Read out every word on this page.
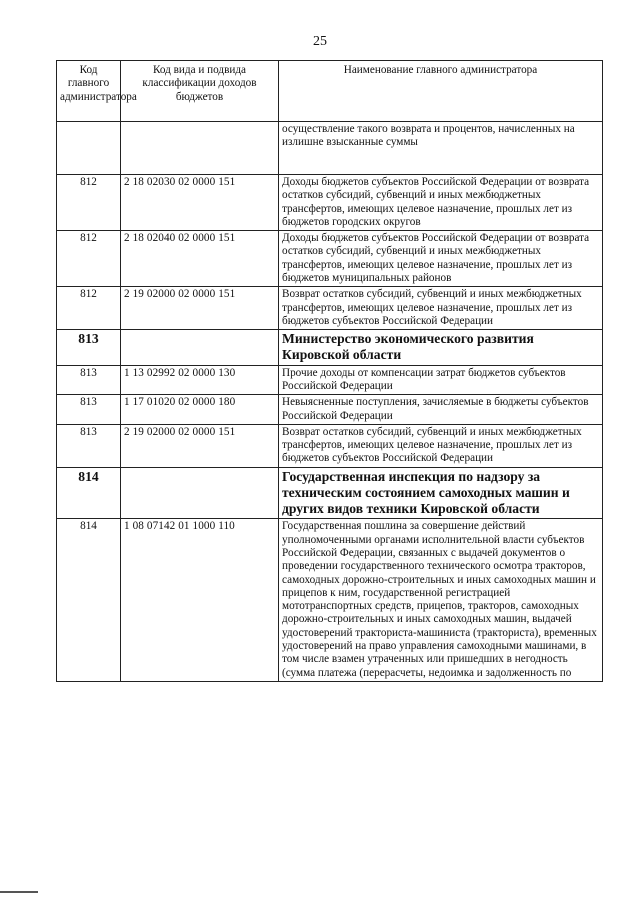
25
Код главного администратора	Код вида и подвида классификации доходов бюджетов	Наименование главного администратора
		осуществление такого возврата и процентов, начисленных на излишне взысканные суммы
812	2 18 02030 02 0000 151	Доходы бюджетов субъектов Российской Федерации от возврата остатков субсидий, субвенций и иных межбюджетных трансфертов, имеющих целевое назначение, прошлых лет из бюджетов городских округов
812	2 18 02040 02 0000 151	Доходы бюджетов субъектов Российской Федерации от возврата остатков субсидий, субвенций и иных межбюджетных трансфертов, имеющих целевое назначение, прошлых лет из бюджетов муниципальных районов
812	2 19 02000 02 0000 151	Возврат остатков субсидий, субвенций и иных межбюджетных трансфертов, имеющих целевое назначение, прошлых лет из бюджетов субъектов Российской Федерации
813		Министерство экономического развития Кировской области
813	1 13 02992 02 0000 130	Прочие доходы от компенсации затрат бюджетов субъектов Российской Федерации
813	1 17 01020 02 0000 180	Невыясненные поступления, зачисляемые в бюджеты субъектов Российской Федерации
813	2 19 02000 02 0000 151	Возврат остатков субсидий, субвенций и иных межбюджетных трансфертов, имеющих целевое назначение, прошлых лет из бюджетов субъектов Российской Федерации
814		Государственная инспекция по надзору за техническим состоянием самоходных машин и других видов техники Кировской области
814	1 08 07142 01 1000 110	Государственная пошлина за совершение действий уполномоченными органами исполнительной власти субъектов Российской Федерации, связанных с выдачей документов о проведении государственного технического осмотра тракторов, самоходных дорожно-строительных и иных самоходных машин и прицепов к ним, государственной регистрацией мототранспортных средств, прицепов, тракторов, самоходных дорожно-строительных и иных самоходных машин, выдачей удостоверений тракториста-машиниста (тракториста), временных удостоверений на право управления самоходными машинами, в том числе взамен утраченных или пришедших в негодность (сумма платежа (перерасчеты, недоимка и задолженность по
